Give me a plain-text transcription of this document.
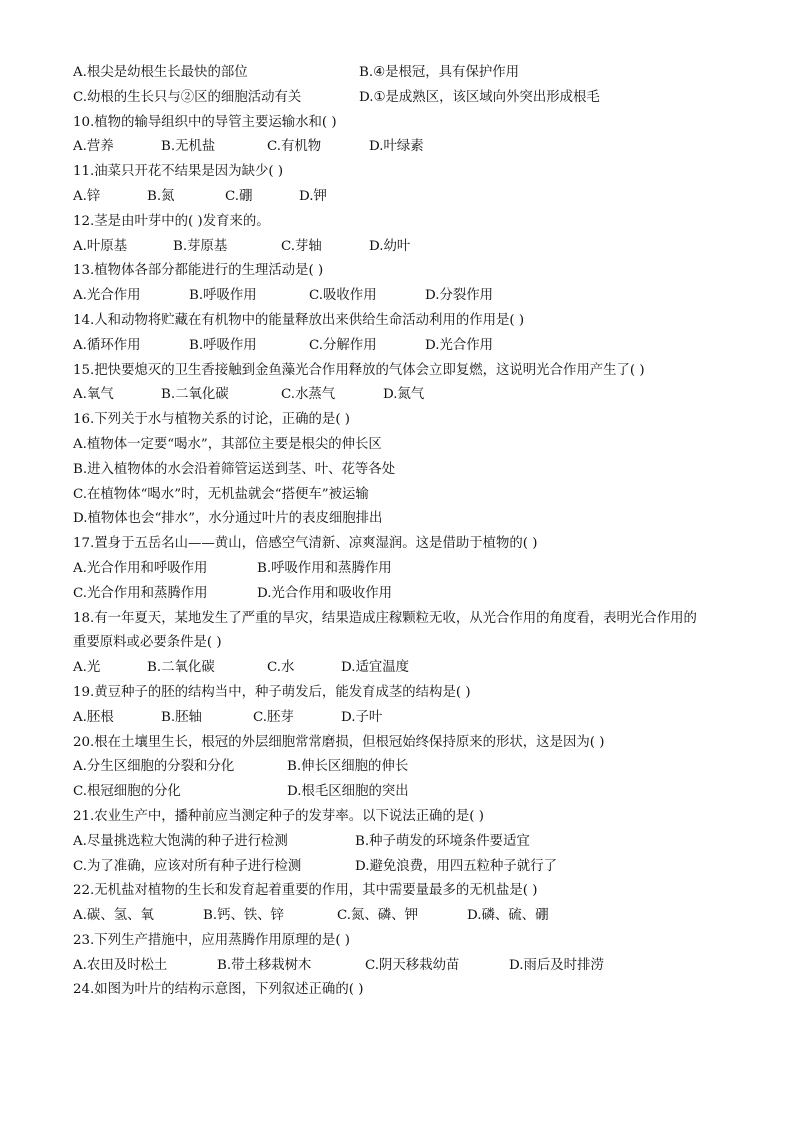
A.根尖是幼根生长最快的部位	B.④是根冠，具有保护作用
C.幼根的生长只与②区的细胞活动有关	D.①是成熟区，该区域向外突出形成根毛
10.植物的输导组织中的导管主要运输水和( )
A.营养	B.无机盐	C.有机物	D.叶绿素
11.油菜只开花不结果是因为缺少( )
A.锌	B.氮	C.硼	D.钾
12.茎是由叶芽中的( )发育来的。
A.叶原基	B.芽原基	C.芽轴	D.幼叶
13.植物体各部分都能进行的生理活动是( )
A.光合作用	B.呼吸作用	C.吸收作用	D.分裂作用
14.人和动物将贮藏在有机物中的能量释放出来供给生命活动利用的作用是( )
A.循环作用	B.呼吸作用	C.分解作用	D.光合作用
15.把快要熄灭的卫生香接触到金鱼藻光合作用释放的气体会立即复燃，这说明光合作用产生了( )
A.氧气	B.二氧化碳	C.水蒸气	D.氮气
16.下列关于水与植物关系的讨论，正确的是( )
A.植物体一定要“喝水”，其部位主要是根尖的伸长区
B.进入植物体的水会沿着筛管运送到茎、叶、花等各处
C.在植物体“喝水”时，无机盐就会“搭便车”被运输
D.植物体也会“排水”，水分通过叶片的表皮细胞排出
17.置身于五岳名山——黄山，倍感空气清新、凉爽湿润。这是借助于植物的( )
A.光合作用和呼吸作用	B.呼吸作用和蒸腾作用
C.光合作用和蒸腾作用	D.光合作用和吸收作用
18.有一年夏天，某地发生了严重的旱灾，结果造成庄稼颗粒无收，从光合作用的角度看，表明光合作用的
重要原料或必要条件是( )
A.光	B.二氧化碳	C.水	D.适宜温度
19.黄豆种子的胚的结构当中，种子萌发后，能发育成茎的结构是( )
A.胚根	B.胚轴	C.胚芽	D.子叶
20.根在土壤里生长，根冠的外层细胞常常磨损，但根冠始终保持原来的形状，这是因为( )
A.分生区细胞的分裂和分化	B.伸长区细胞的伸长
C.根冠细胞的分化	D.根毛区细胞的突出
21.农业生产中，播种前应当测定种子的发芽率。以下说法正确的是( )
A.尽量挑选粒大饱满的种子进行检测	B.种子萌发的环境条件要适宜
C.为了准确，应该对所有种子进行检测	D.避免浪费，用四五粒种子就行了
22.无机盐对植物的生长和发育起着重要的作用，其中需要量最多的无机盐是( )
A.碳、氢、氧	B.钙、铁、锌	C.氮、磷、钾	D.磷、硫、硼
23.下列生产措施中，应用蒸腾作用原理的是( )
A.农田及时松土	B.带土移栽树木	C.阴天移栽幼苗	D.雨后及时排涝
24.如图为叶片的结构示意图，下列叙述正确的( )
